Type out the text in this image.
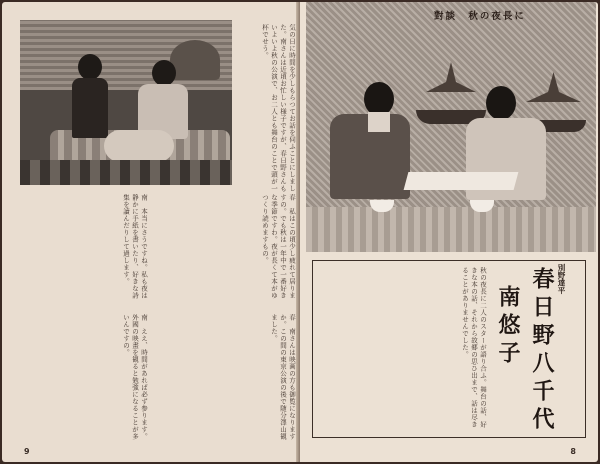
気の日に時間を少しもらつてお話を伺ふことにしました。南さんは近頃お忙しい様子ですが、春日野さんもいよいよ秋の公演で、お二人とも舞台のことで頭が一杯でせう。
春　私はこの頃少し疲れて居りますの。でも秋は一年中で一番好きな季節ですわ。夜が長くて本がゆつくり読めますもの。
南　本当にさうですね。私も夜は静かに手紙を書いたり、好きな詩集を讀んだりして過します。
春　南さんは映画の方も御覧になりますか。この間の東京公演の後で随分澤山観ました。
南　ええ、時間があれば必ず参ります。外國の映畫を観ると勉強になることが多いんですの。
9
對談 秋の夜長に
春日野八千代
南悠子
秋の夜長に二人のスターが語り合ふ。舞台の話、好きな本の話、それから故郷の思ひ出まで、話は尽きることがありませんでした。	別野達平
8
